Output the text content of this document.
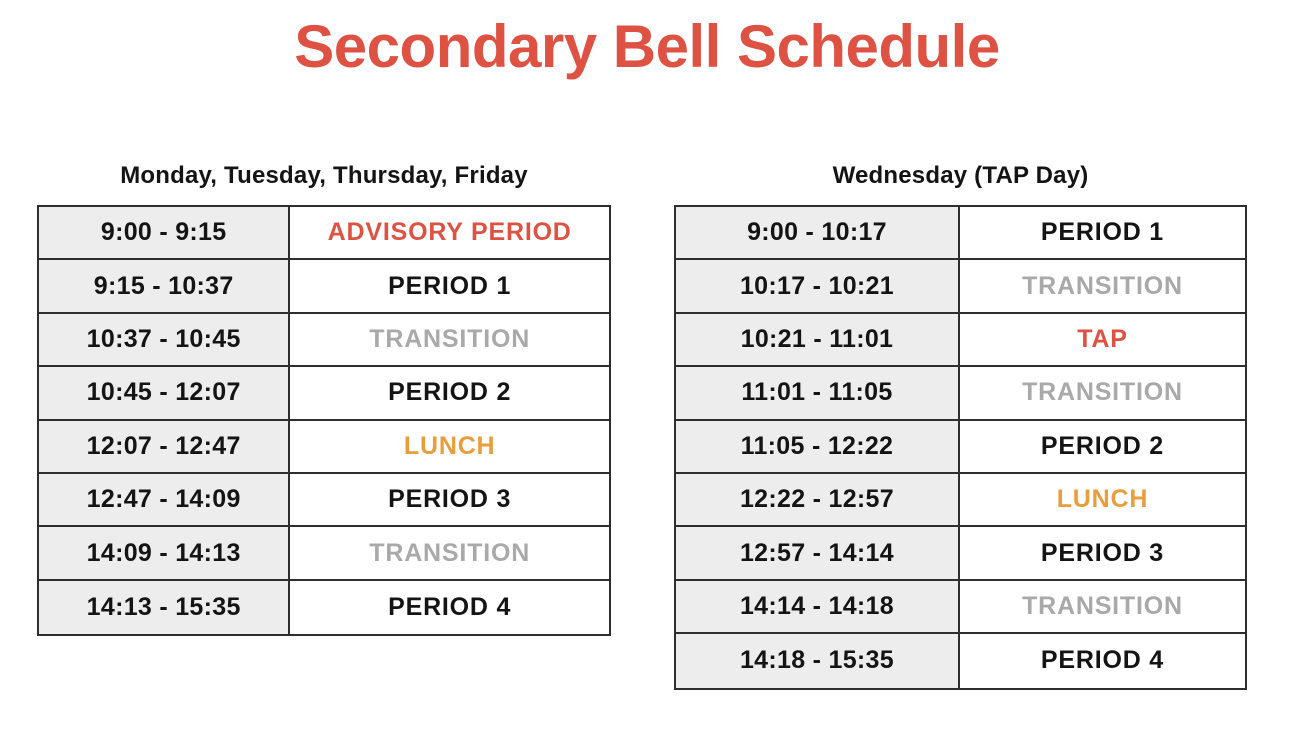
Secondary Bell Schedule
Monday, Tuesday, Thursday, Friday
9:00 - 9:15	ADVISORY PERIOD
9:15 - 10:37	PERIOD 1
10:37 - 10:45	TRANSITION
10:45 - 12:07	PERIOD 2
12:07 - 12:47	LUNCH
12:47 - 14:09	PERIOD 3
14:09 - 14:13	TRANSITION
14:13 - 15:35	PERIOD 4
Wednesday (TAP Day)
9:00 - 10:17	PERIOD 1
10:17 - 10:21	TRANSITION
10:21 - 11:01	TAP
11:01 - 11:05	TRANSITION
11:05 - 12:22	PERIOD 2
12:22 - 12:57	LUNCH
12:57 - 14:14	PERIOD 3
14:14 - 14:18	TRANSITION
14:18 - 15:35	PERIOD 4
